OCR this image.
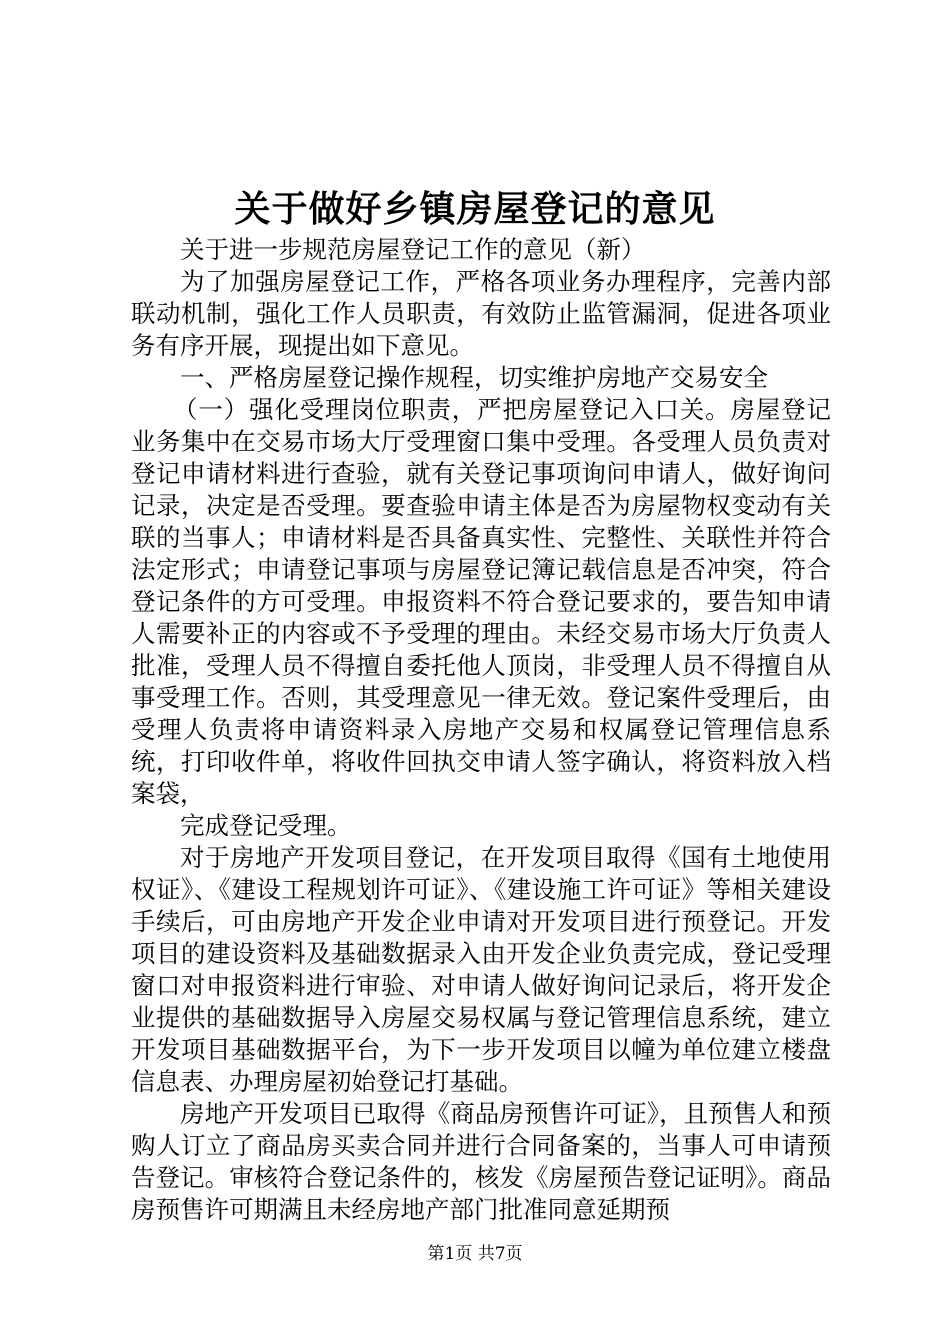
关于做好乡镇房屋登记的意见

关于进一步规范房屋登记工作的意见（新）

为了加强房屋登记工作，严格各项业务办理程序，完善内部联动机制，强化工作人员职责，有效防止监管漏洞，促进各项业务有序开展，现提出如下意见。

一、严格房屋登记操作规程，切实维护房地产交易安全

（一）强化受理岗位职责，严把房屋登记入口关。房屋登记业务集中在交易市场大厅受理窗口集中受理。各受理人员负责对登记申请材料进行查验，就有关登记事项询问申请人，做好询问记录，决定是否受理。要查验申请主体是否为房屋物权变动有关联的当事人；申请材料是否具备真实性、完整性、关联性并符合法定形式；申请登记事项与房屋登记簿记载信息是否冲突，符合登记条件的方可受理。申报资料不符合登记要求的，要告知申请人需要补正的内容或不予受理的理由。未经交易市场大厅负责人批准，受理人员不得擅自委托他人顶岗，非受理人员不得擅自从事受理工作。否则，其受理意见一律无效。登记案件受理后，由受理人负责将申请资料录入房地产交易和权属登记管理信息系统，打印收件单，将收件回执交申请人签字确认，将资料放入档案袋，

完成登记受理。

对于房地产开发项目登记，在开发项目取得《国有土地使用权证》、《建设工程规划许可证》、《建设施工许可证》等相关建设手续后，可由房地产开发企业申请对开发项目进行预登记。开发项目的建设资料及基础数据录入由开发企业负责完成，登记受理窗口对申报资料进行审验、对申请人做好询问记录后，将开发企业提供的基础数据导入房屋交易权属与登记管理信息系统，建立开发项目基础数据平台，为下一步开发项目以幢为单位建立楼盘信息表、办理房屋初始登记打基础。

房地产开发项目已取得《商品房预售许可证》，且预售人和预购人订立了商品房买卖合同并进行合同备案的，当事人可申请预告登记。审核符合登记条件的，核发《房屋预告登记证明》。商品房预售许可期满且未经房地产部门批准同意延期预

第1页 共7页
